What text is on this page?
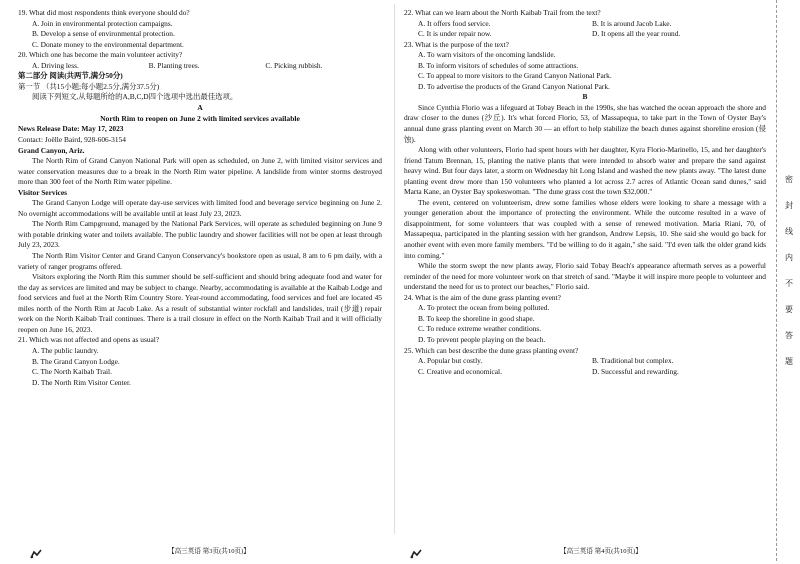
19. What did most respondents think everyone should do?
A. Join in environmental protection campaigns.
B. Develop a sense of environmental protection.
C. Donate money to the environmental department.
20. Which one has become the main volunteer activity?
A. Driving less.	B. Planting trees.	C. Picking rubbish.
第二部分 阅读(共两节,满分50分)
第一节 （共15小题;每小题2.5分,满分37.5分)
阅读下列短文,从每题所给的A,B,C,D四个选项中选出最佳选项。
A
North Rim to reopen on June 2 with limited services available
News Release Date: May 17, 2023
Contact: Joëlle Baird, 928-606-3154
Grand Canyon, Ariz.

The North Rim of Grand Canyon National Park will open as scheduled, on June 2, with limited visitor services and water conservation measures due to a break in the North Rim water pipeline. A landslide from winter storms destroyed more than 300 feet of the North Rim water pipeline.

Visitor Services

The Grand Canyon Lodge will operate day-use services with limited food and beverage service beginning on June 2. No overnight accommodations will be available until at least July 23, 2023.

The North Rim Campground, managed by the National Park Services, will operate as scheduled beginning on June 9 with potable drinking water and toilets available. The public laundry and shower facilities will not be open at least through July 23, 2023.

The North Rim Visitor Center and Grand Canyon Conservancy's bookstore open as usual, 8 am to 6 pm daily, with a variety of ranger programs offered.

Visitors exploring the North Rim this summer should be self-sufficient and should bring adequate food and water for the day as services are limited and may be subject to change. Nearby, accommodating is available at the Kaibab Lodge and food services and fuel at the North Rim Country Store. Year-round accommodating, food services and fuel are located 45 miles north of the North Rim at Jacob Lake. As a result of substantial winter rockfall and landslides, trail (步道) repair work on the North Kaibab Trail continues. There is a trail closure in effect on the North Kaibab Trail and it will officially reopen on June 16, 2023.

21. Which was not affected and opens as usual?
A. The public laundry.
B. The Grand Canyon Lodge.
C. The North Kaibab Trail.
D. The North Rim Visitor Center.
【高三英语 第3页(共10页)】
22. What can we learn about the North Kaibab Trail from the text?
A. It offers food service.	B. It is around Jacob Lake.
C. It is under repair now.	D. It opens all the year round.
23. What is the purpose of the text?
A. To warn visitors of the oncoming landslide.
B. To inform visitors of schedules of some attractions.
C. To appeal to more visitors to the Grand Canyon National Park.
D. To advertise the products of the Grand Canyon National Park.
B

Since Cynthia Florio was a lifeguard at Tobay Beach in the 1990s, she has watched the ocean approach the shore and draw closer to the dunes (沙丘). It's what forced Florio, 53, of Massapequa, to take part in the Town of Oyster Bay's annual dune grass planting event on March 30 — an effort to help stabilize the beach dunes against shoreline erosion (侵蚀).

Along with other volunteers, Florio had spent hours with her daughter, Kyra Florio-Marinello, 15, and her daughter's friend Tatum Brennan, 15, planting the native plants that were intended to absorb water and prepare the sand against heavy wind. But four days later, a storm on Wednesday hit Long Island and washed the new plants away. "The latest dune planting event drew more than 150 volunteers who planted a lot across 2.7 acres of Atlantic Ocean sand dunes," said Marta Kane, an Oyster Bay spokeswoman. "The dune grass cost the town $32,000."

The event, centered on volunteerism, drew some families whose elders were looking to share a message with a younger generation about the importance of protecting the environment. While the outcome resulted in a wave of disappointment, for some volunteers that was coupled with a sense of renewed motivation. Maria Riani, 70, of Massapequa, participated in the planting session with her grandson, Andrew Lepsis, 10. She said she would go back for another event with even more family members. "I'd be willing to do it again," she said. "I'd even talk the older grand kids into coming."

While the storm swept the new plants away, Florio said Tobay Beach's appearance aftermath serves as a powerful reminder of the need for more volunteer work on that stretch of sand. "Maybe it will inspire more people to volunteer and understand the need for us to protect our beaches," Florio said.

24. What is the aim of the dune grass planting event?
A. To protect the ocean from being polluted.
B. To keep the shoreline in good shape.
C. To reduce extreme weather conditions.
D. To prevent people playing on the beach.
25. Which can best describe the dune grass planting event?
A. Popular but costly.	B. Traditional but complex.
C. Creative and economical.	D. Successful and rewarding.
【高三英语 第4页(共10页)】
密
封
线
内
不
要
答
题
